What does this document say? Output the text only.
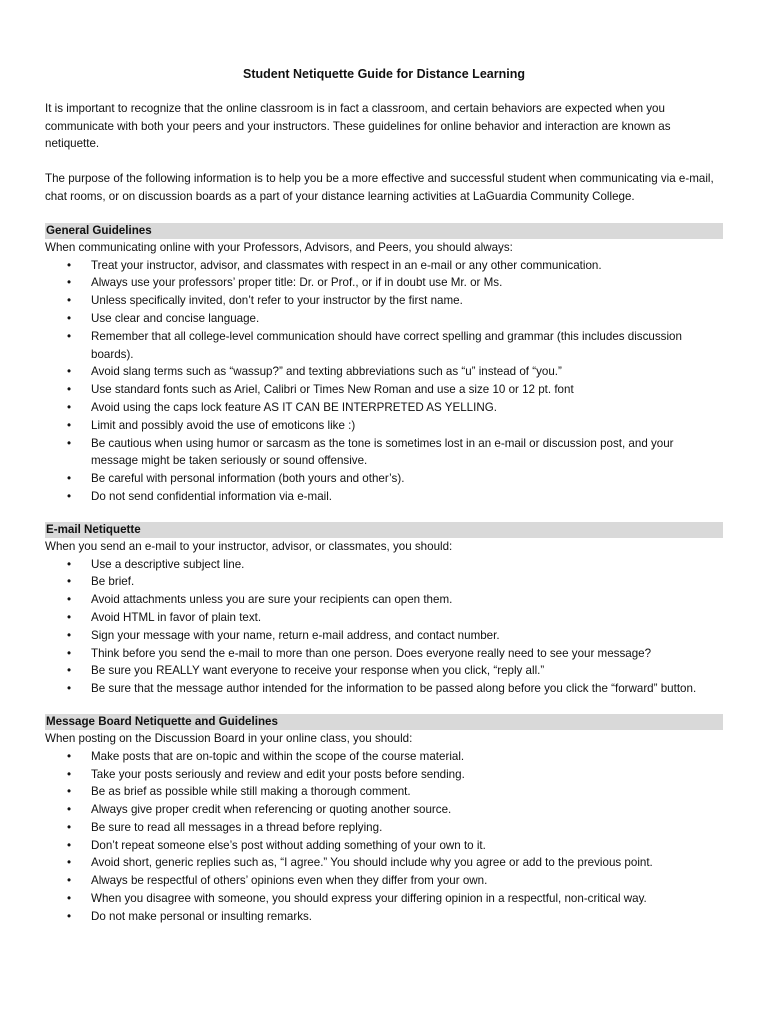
Student Netiquette Guide for Distance Learning

It is important to recognize that the online classroom is in fact a classroom, and certain behaviors are expected when you communicate with both your peers and your instructors. These guidelines for online behavior and interaction are known as netiquette.

The purpose of the following information is to help you be a more effective and successful student when communicating via e-mail, chat rooms, or on discussion boards as a part of your distance learning activities at LaGuardia Community College.

General Guidelines
When communicating online with your Professors, Advisors, and Peers, you should always:
• Treat your instructor, advisor, and classmates with respect in an e-mail or any other communication.
• Always use your professors’ proper title: Dr. or Prof., or if in doubt use Mr. or Ms.
• Unless specifically invited, don’t refer to your instructor by the first name.
• Use clear and concise language.
• Remember that all college-level communication should have correct spelling and grammar (this includes discussion boards).
• Avoid slang terms such as “wassup?” and texting abbreviations such as “u” instead of “you.”
• Use standard fonts such as Ariel, Calibri or Times New Roman and use a size 10 or 12 pt. font
• Avoid using the caps lock feature AS IT CAN BE INTERPRETED AS YELLING.
• Limit and possibly avoid the use of emoticons like :)
• Be cautious when using humor or sarcasm as the tone is sometimes lost in an e-mail or discussion post, and your message might be taken seriously or sound offensive.
• Be careful with personal information (both yours and other’s).
• Do not send confidential information via e-mail.
E-mail Netiquette
When you send an e-mail to your instructor, advisor, or classmates, you should:
• Use a descriptive subject line.
• Be brief.
• Avoid attachments unless you are sure your recipients can open them.
• Avoid HTML in favor of plain text.
• Sign your message with your name, return e-mail address, and contact number.
• Think before you send the e-mail to more than one person. Does everyone really need to see your message?
• Be sure you REALLY want everyone to receive your response when you click, “reply all.”
• Be sure that the message author intended for the information to be passed along before you click the “forward” button.
Message Board Netiquette and Guidelines
When posting on the Discussion Board in your online class, you should:
• Make posts that are on-topic and within the scope of the course material.
• Take your posts seriously and review and edit your posts before sending.
• Be as brief as possible while still making a thorough comment.
• Always give proper credit when referencing or quoting another source.
• Be sure to read all messages in a thread before replying.
• Don’t repeat someone else’s post without adding something of your own to it.
• Avoid short, generic replies such as, “I agree.” You should include why you agree or add to the previous point.
• Always be respectful of others’ opinions even when they differ from your own.
• When you disagree with someone, you should express your differing opinion in a respectful, non-critical way.
• Do not make personal or insulting remarks.
